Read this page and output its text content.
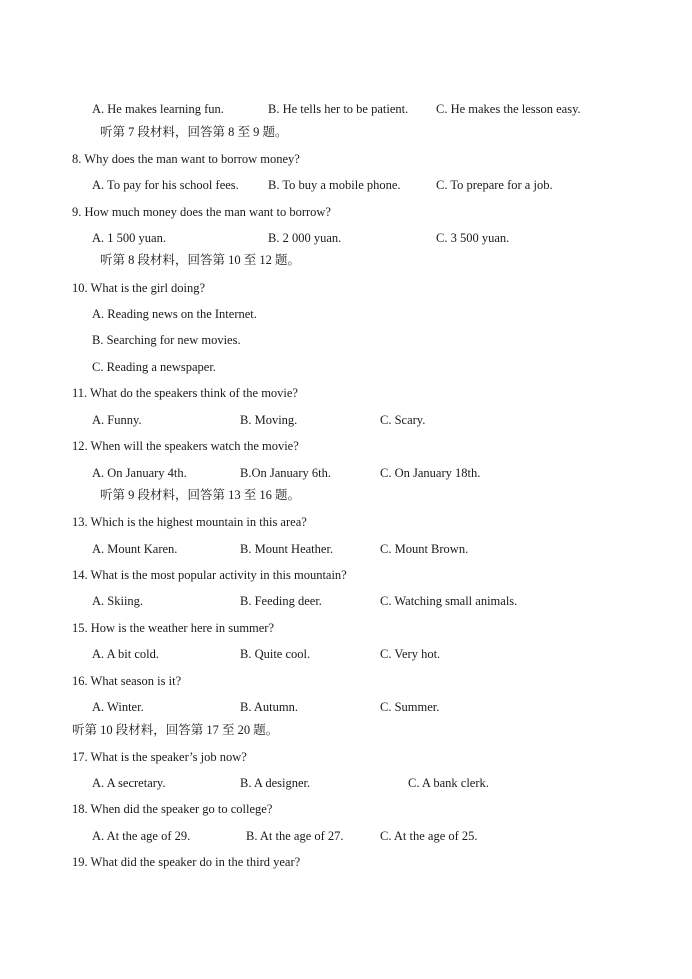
A. He makes learning fun.	B. He tells her to be patient. C. He makes the lesson easy.
听第 7 段材料，回答第 8 至 9 题。
8. Why does the man want to borrow money?
A. To pay for his school fees. B. To buy a mobile phone.	C. To prepare for a job.
9. How much money does the man want to borrow?
A. 1 500 yuan.	B. 2 000 yuan.	C. 3 500 yuan.
听第 8 段材料，回答第 10 至 12 题。
10. What is the girl doing?
A. Reading news on the Internet.
B. Searching for new movies.
C. Reading a newspaper.
11. What do the speakers think of the movie?
A. Funny.	B. Moving.	C. Scary.
12. When will the speakers watch the movie?
A. On January 4th.	B.On January 6th.	C. On January 18th.
听第 9 段材料，回答第 13 至 16 题。
13. Which is the highest mountain in this area?
A. Mount Karen.	B. Mount Heather.	C. Mount Brown.
14. What is the most popular activity in this mountain?
A. Skiing.	B. Feeding deer.	C. Watching small animals.
15. How is the weather here in summer?
A. A bit cold.	B. Quite cool.	C. Very hot.
16. What season is it?
A. Winter.	B. Autumn.	C. Summer.
听第 10 段材料，回答第 17 至 20 题。
17. What is the speaker’s job now?
A. A secretary.	B. A designer.	C. A bank clerk.
18. When did the speaker go to college?
A. At the age of 29.	B. At the age of 27.	C. At the age of 25.
19. What did the speaker do in the third year?
